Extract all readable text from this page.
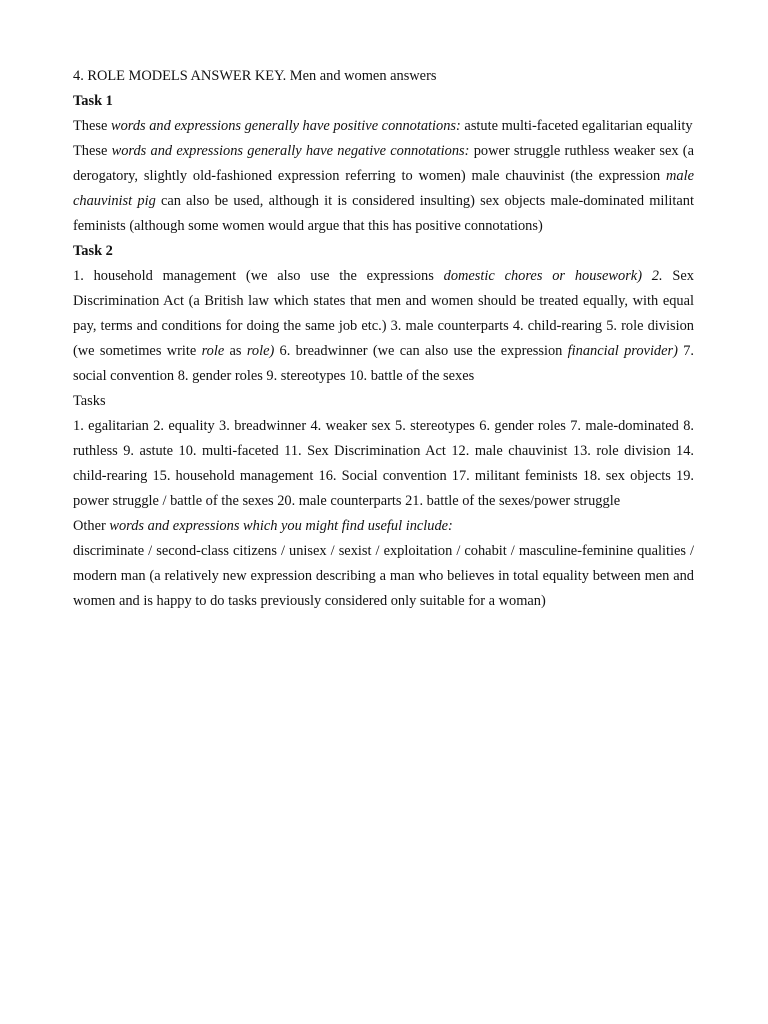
4. ROLE MODELS ANSWER KEY. Men and women answers

Task 1

These words and expressions generally have positive connotations: astute multi-faceted egalitarian equality

These words and expressions generally have negative connotations: power struggle ruthless weaker sex (a derogatory, slightly old-fashioned expression referring to women) male chauvinist (the expression male chauvinist pig can also be used, although it is considered insulting) sex objects male-dominated militant feminists (although some women would argue that this has positive connotations)

Task 2

1. household management (we also use the expressions domestic chores or housework) 2. Sex Discrimination Act (a British law which states that men and women should be treated equally, with equal pay, terms and conditions for doing the same job etc.) 3. male counterparts 4. child-rearing 5. role division (we sometimes write role as role) 6. breadwinner (we can also use the expression financial provider) 7. social convention 8. gender roles 9. stereotypes 10. battle of the sexes

Tasks

1. egalitarian 2. equality 3. breadwinner 4. weaker sex 5. stereotypes 6. gender roles 7. male-dominated 8. ruthless 9. astute 10. multi-faceted 11. Sex Discrimination Act 12. male chauvinist 13. role division 14. child-rearing 15. household management 16. Social convention 17. militant feminists 18. sex objects 19. power struggle / battle of the sexes 20. male counterparts 21. battle of the sexes/power struggle

Other words and expressions which you might find useful include:

discriminate / second-class citizens / unisex / sexist / exploitation / cohabit / masculine-feminine qualities / modern man (a relatively new expression describing a man who believes in total equality between men and women and is happy to do tasks previously considered only suitable for a woman)
